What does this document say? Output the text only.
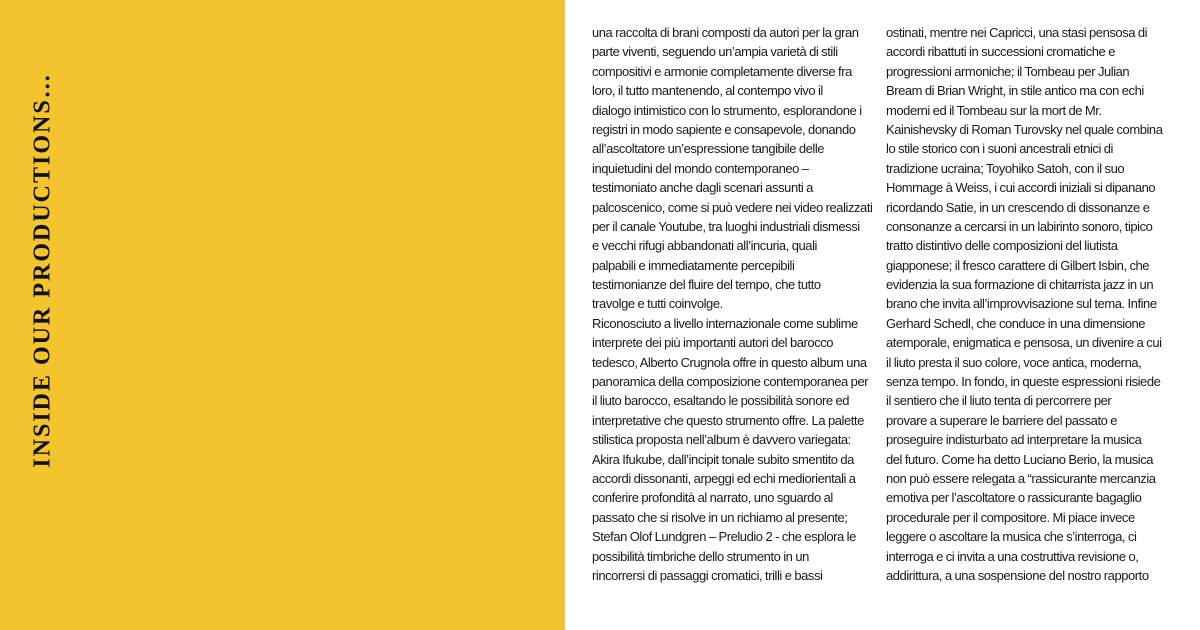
INSIDE OUR PRODUCTIONS…
una raccolta di brani composti da autori per la gran
parte viventi, seguendo un’ampia varietà di stili
compositivi e armonie completamente diverse fra
loro, il tutto mantenendo, al contempo vivo il
dialogo intimistico con lo strumento, esplorandone i
registri in modo sapiente e consapevole, donando
all’ascoltatore un’espressione tangibile delle
inquietudini del mondo contemporaneo –
testimoniato anche dagli scenari assunti a
palcoscenico, come si può vedere nei video realizzati
per il canale Youtube, tra luoghi industriali dismessi
e vecchi rifugi abbandonati all’incuria, quali
palpabili e immediatamente percepibili
testimonianze del fluire del tempo, che tutto
travolge e tutti coinvolge.
Riconosciuto a livello internazionale come sublime
interprete dei più importanti autori del barocco
tedesco, Alberto Crugnola offre in questo album una
panoramica della composizione contemporanea per
il liuto barocco, esaltando le possibilità sonore ed
interpretative che questo strumento offre. La palette
stilistica proposta nell’album è davvero variegata:
Akira Ifukube, dall’incipit tonale subito smentito da
accordi dissonanti, arpeggi ed echi mediorientali a
conferire profondità al narrato, uno sguardo al
passato che si risolve in un richiamo al presente;
Stefan Olof Lundgren – Preludio 2 - che esplora le
possibilità timbriche dello strumento in un
rincorrersi di passaggi cromatici, trilli e bassi
ostinati, mentre nei Capricci, una stasi pensosa di
accordi ribattuti in successioni cromatiche e
progressioni armoniche; il Tombeau per Julian
Bream di Brian Wright, in stile antico ma con echi
moderni ed il Tombeau sur la mort de Mr.
Kainishevsky di Roman Turovsky nel quale combina
lo stile storico con i suoni ancestrali etnici di
tradizione ucraina; Toyohiko Satoh, con il suo
Hommage à Weiss, i cui accordi iniziali si dipanano
ricordando Satie, in un crescendo di dissonanze e
consonanze a cercarsi in un labirinto sonoro, tipico
tratto distintivo delle composizioni del liutista
giapponese; il fresco carattere di Gilbert Isbin, che
evidenzia la sua formazione di chitarrista jazz in un
brano che invita all’improvvisazione sul tema. Infine
Gerhard Schedl, che conduce in una dimensione
atemporale, enigmatica e pensosa, un divenire a cui
il liuto presta il suo colore, voce antica, moderna,
senza tempo. In fondo, in queste espressioni risiede
il sentiero che il liuto tenta di percorrere per
provare a superare le barriere del passato e
proseguire indisturbato ad interpretare la musica
del futuro. Come ha detto Luciano Berio, la musica
non può essere relegata a “rassicurante mercanzia
emotiva per l’ascoltatore o rassicurante bagaglio
procedurale per il compositore. Mi piace invece
leggere o ascoltare la musica che s’interroga, ci
interroga e ci invita a una costruttiva revisione o,
addirittura, a una sospensione del nostro rapporto
